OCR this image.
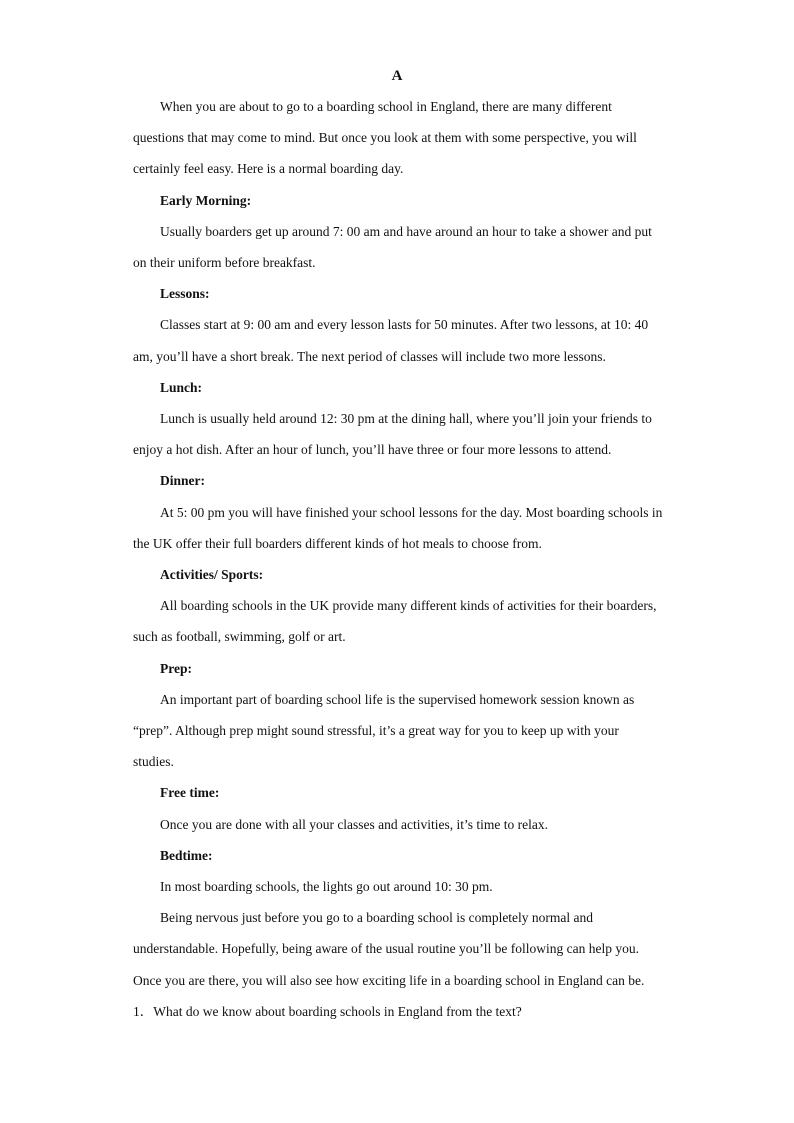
A

When you are about to go to a boarding school in England, there are many different questions that may come to mind. But once you look at them with some perspective, you will certainly feel easy. Here is a normal boarding day.

Early Morning:

Usually boarders get up around 7: 00 am and have around an hour to take a shower and put on their uniform before breakfast.

Lessons:

Classes start at 9: 00 am and every lesson lasts for 50 minutes. After two lessons, at 10: 40 am, you’ll have a short break. The next period of classes will include two more lessons.

Lunch:

Lunch is usually held around 12: 30 pm at the dining hall, where you’ll join your friends to enjoy a hot dish. After an hour of lunch, you’ll have three or four more lessons to attend.

Dinner:

At 5: 00 pm you will have finished your school lessons for the day. Most boarding schools in the UK offer their full boarders different kinds of hot meals to choose from.

Activities/ Sports:

All boarding schools in the UK provide many different kinds of activities for their boarders, such as football, swimming, golf or art.

Prep:

An important part of boarding school life is the supervised homework session known as “prep”. Although prep might sound stressful, it’s a great way for you to keep up with your studies.

Free time:

Once you are done with all your classes and activities, it’s time to relax.

Bedtime:

In most boarding schools, the lights go out around 10: 30 pm.

Being nervous just before you go to a boarding school is completely normal and understandable. Hopefully, being aware of the usual routine you’ll be following can help you. Once you are there, you will also see how exciting life in a boarding school in England can be.

1．What do we know about boarding schools in England from the text?
